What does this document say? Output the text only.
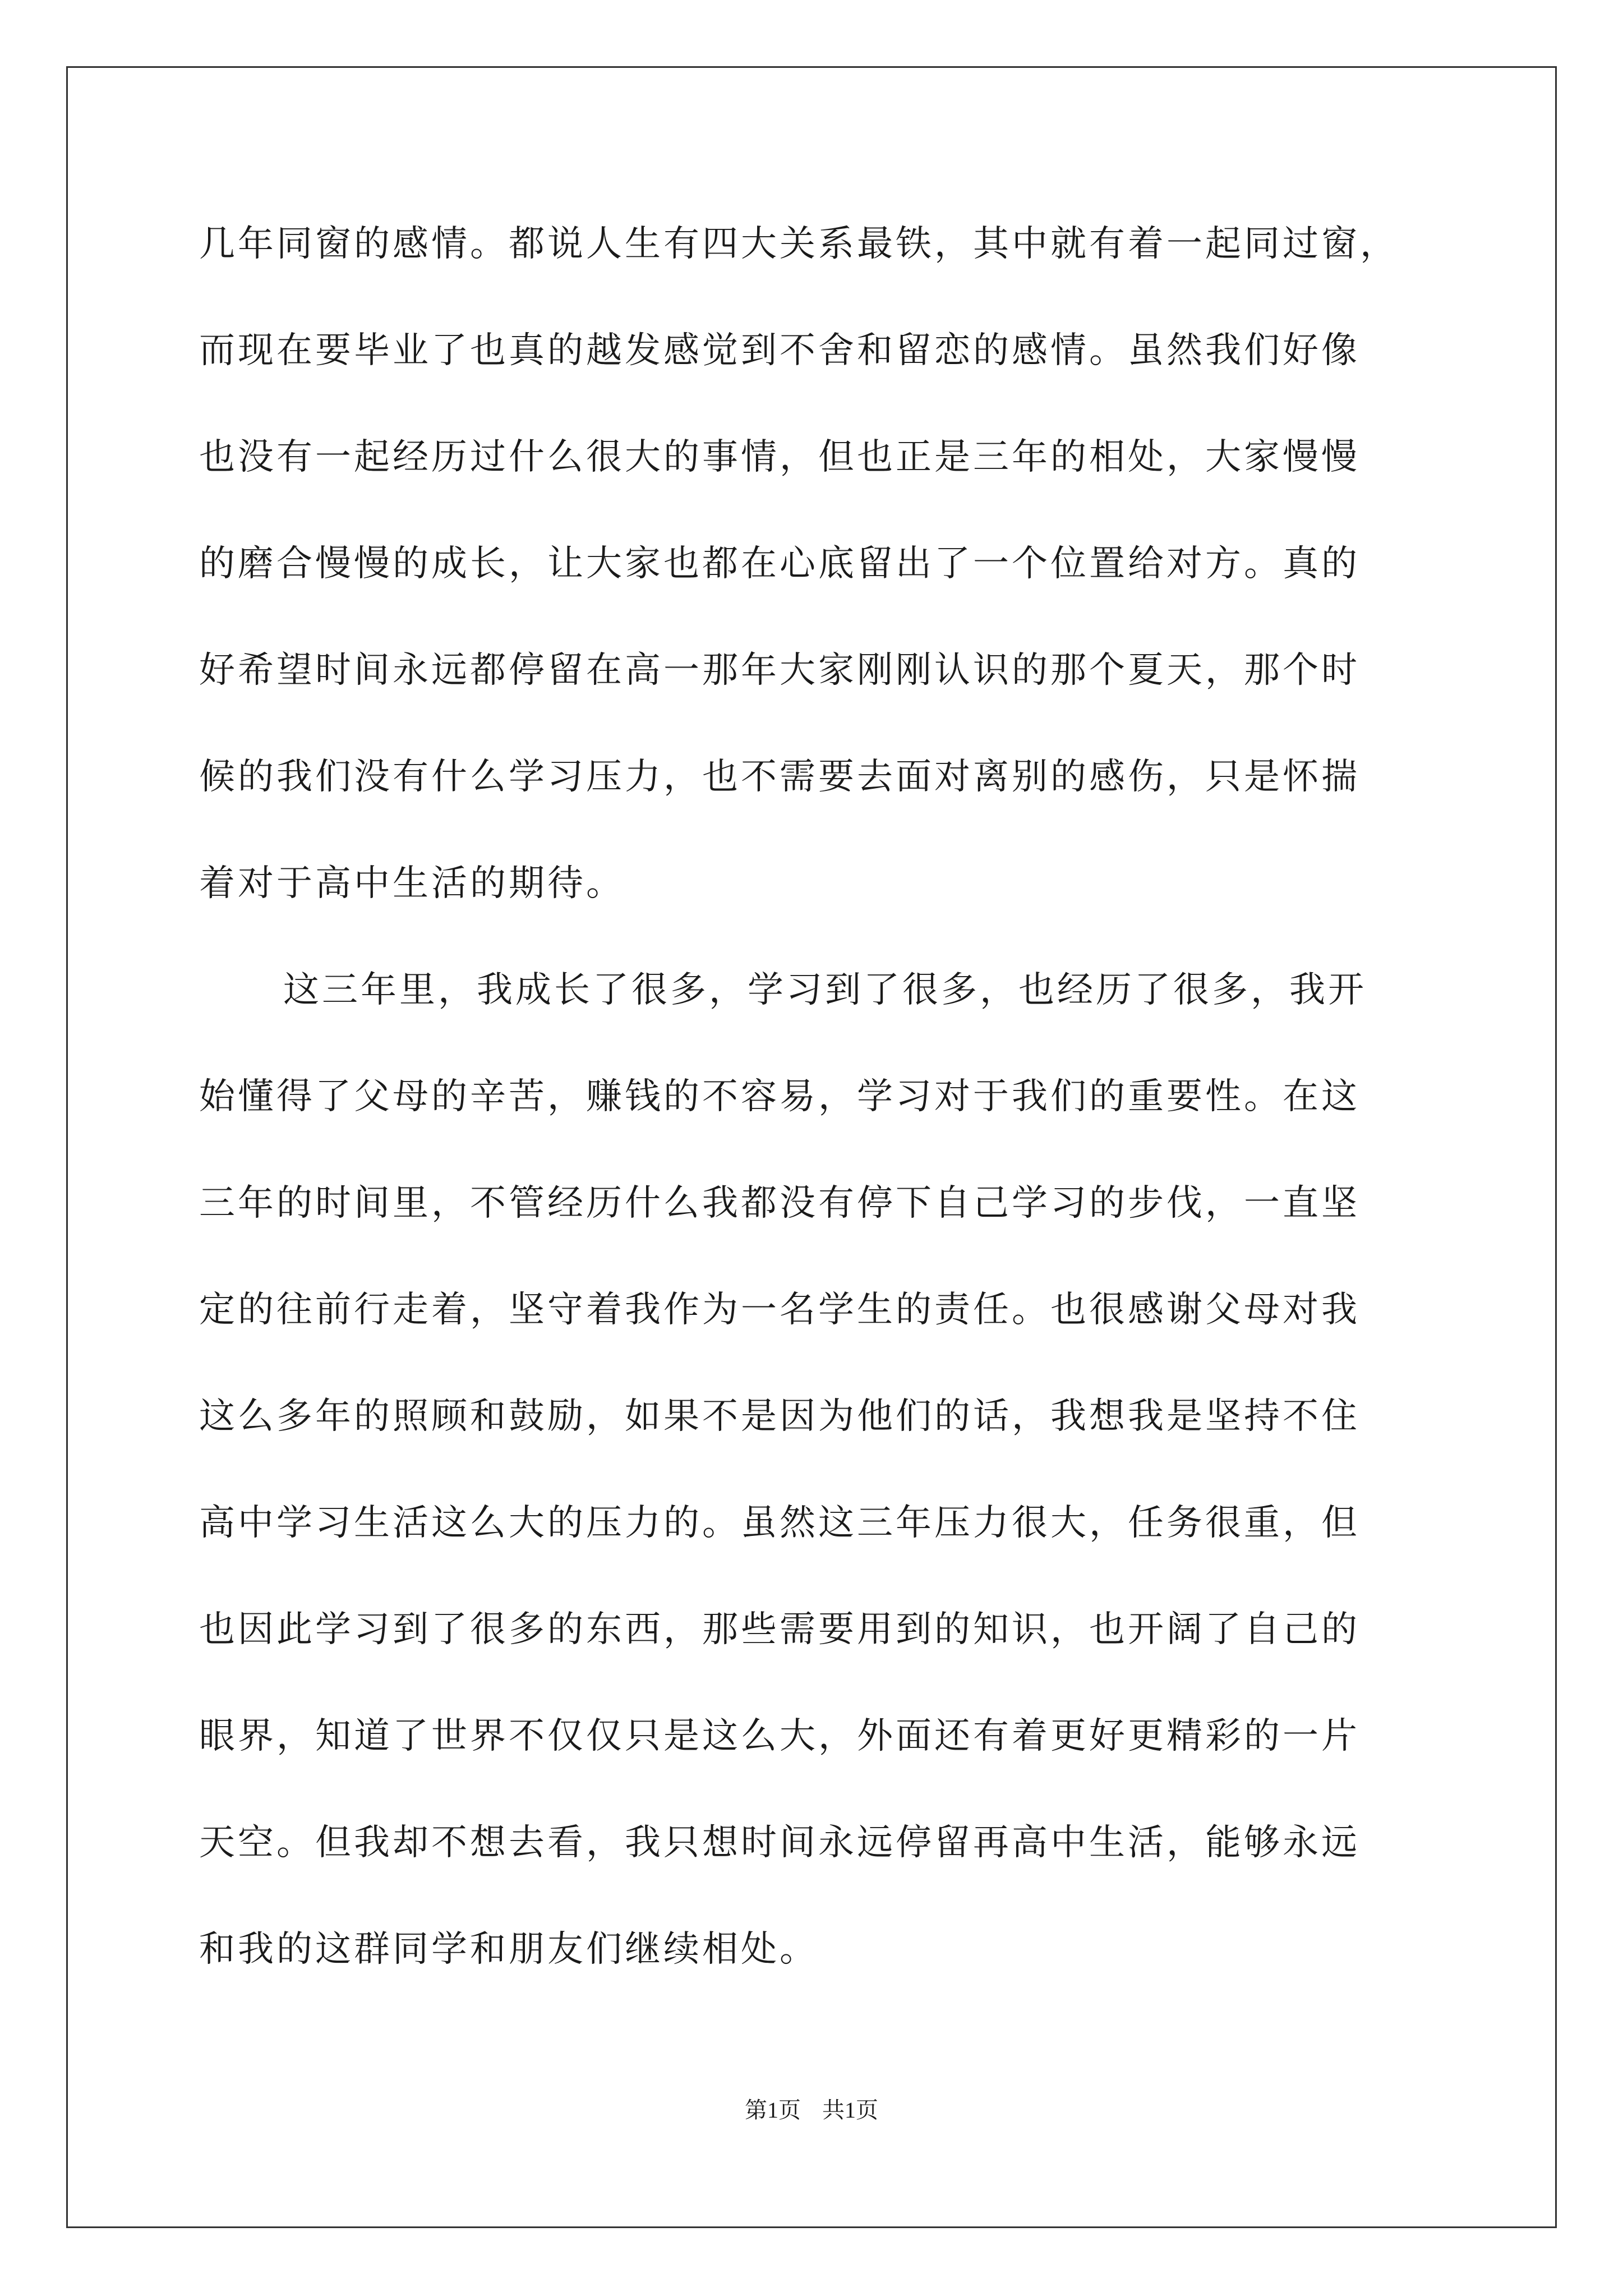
几年同窗的感情。都说人生有四大关系最铁，其中就有着一起同过窗，
而现在要毕业了也真的越发感觉到不舍和留恋的感情。虽然我们好像
也没有一起经历过什么很大的事情，但也正是三年的相处，大家慢慢
的磨合慢慢的成长，让大家也都在心底留出了一个位置给对方。真的
好希望时间永远都停留在高一那年大家刚刚认识的那个夏天，那个时
候的我们没有什么学习压力，也不需要去面对离别的感伤，只是怀揣
着对于高中生活的期待。
这三年里，我成长了很多，学习到了很多，也经历了很多，我开
始懂得了父母的辛苦，赚钱的不容易，学习对于我们的重要性。在这
三年的时间里，不管经历什么我都没有停下自己学习的步伐，一直坚
定的往前行走着，坚守着我作为一名学生的责任。也很感谢父母对我
这么多年的照顾和鼓励，如果不是因为他们的话，我想我是坚持不住
高中学习生活这么大的压力的。虽然这三年压力很大，任务很重，但
也因此学习到了很多的东西，那些需要用到的知识，也开阔了自己的
眼界，知道了世界不仅仅只是这么大，外面还有着更好更精彩的一片
天空。但我却不想去看，我只想时间永远停留再高中生活，能够永远
和我的这群同学和朋友们继续相处。
第1页 共1页
